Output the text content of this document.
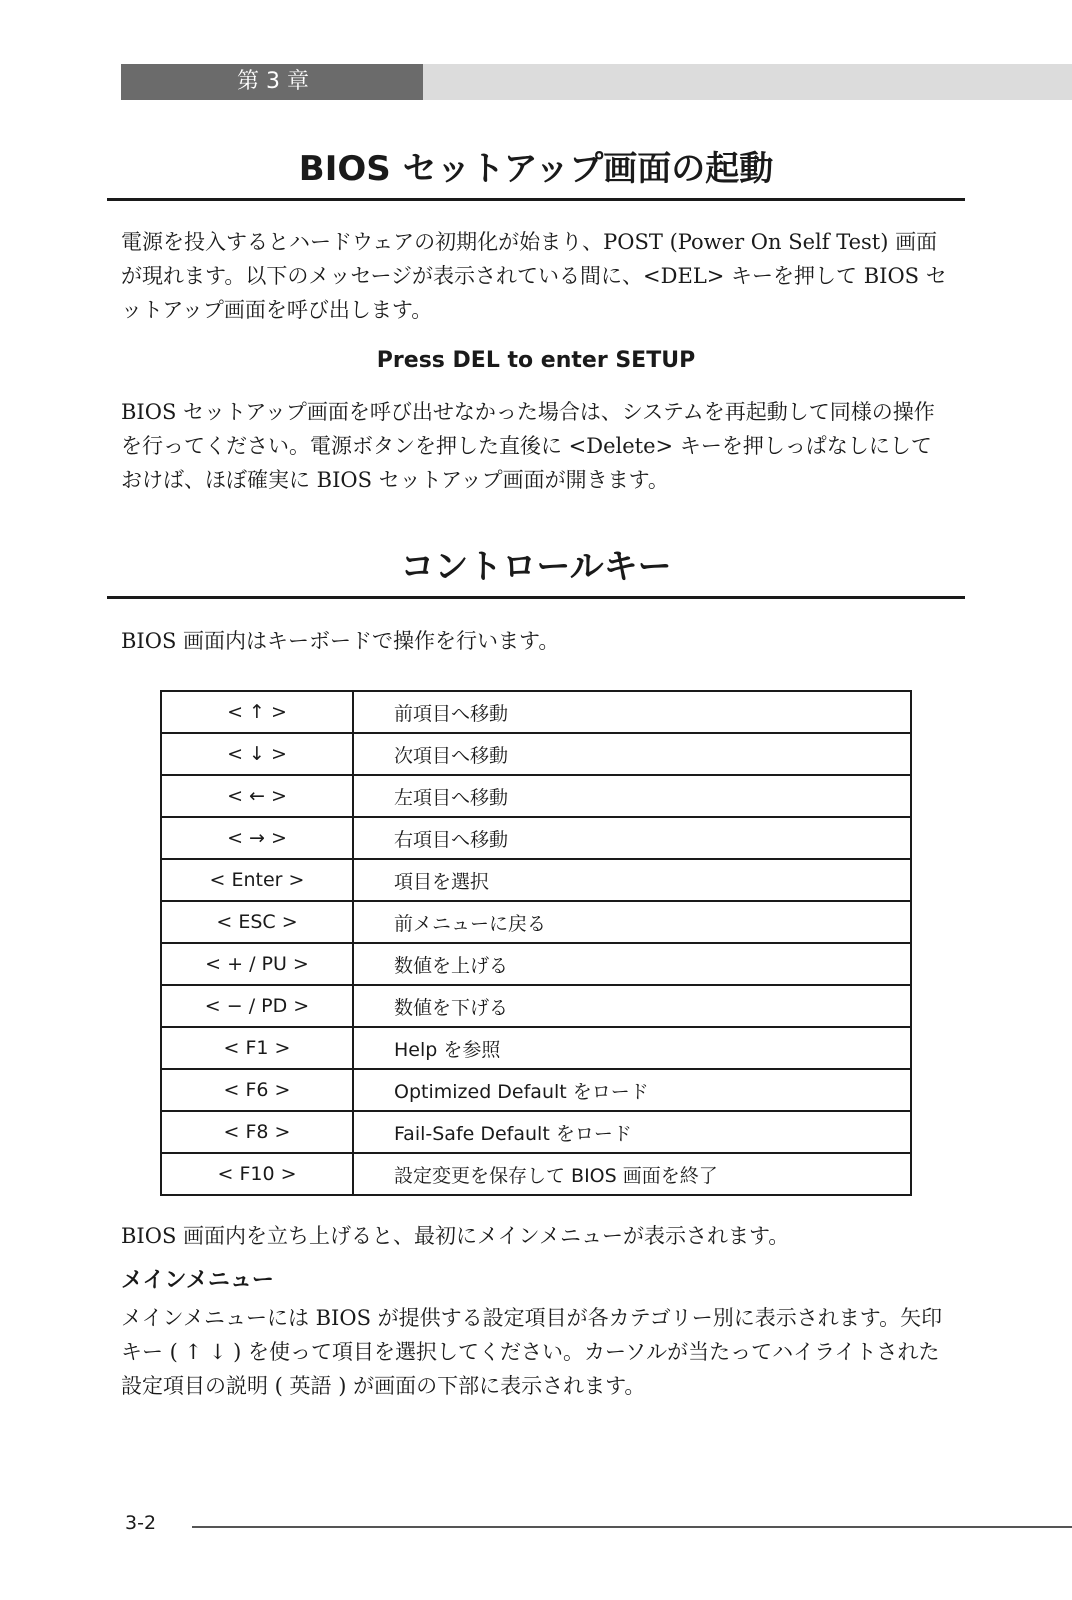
第 3 章
BIOS セットアップ画面の起動

電源を投入するとハードウェアの初期化が始まり、POST (Power On Self Test) 画面が現れます。以下のメッセージが表示されている間に、<DEL> キーを押して BIOS セットアップ画面を呼び出します。

Press DEL to enter SETUP

BIOS セットアップ画面を呼び出せなかった場合は、システムを再起動して同様の操作を行ってください。電源ボタンを押した直後に <Delete> キーを押しっぱなしにしておけば、ほぼ確実に BIOS セットアップ画面が開きます。

コントロールキー

BIOS 画面内はキーボードで操作を行います。

< ↑ >	前項目へ移動
< ↓ >	次項目へ移動
< ← >	左項目へ移動
< → >	右項目へ移動
< Enter >	項目を選択
< ESC >	前メニューに戻る
< + / PU >	数値を上げる
< − / PD >	数値を下げる
< F1 >	Help を参照
< F6 >	Optimized Default をロード
< F8 >	Fail-Safe Default をロード
< F10 >	設定変更を保存して BIOS 画面を終了

BIOS 画面内を立ち上げると、最初にメインメニューが表示されます。

メインメニュー

メインメニューには BIOS が提供する設定項目が各カテゴリー別に表示されます。矢印キー ( ↑ ↓ ) を使って項目を選択してください。カーソルが当たってハイライトされた設定項目の説明 ( 英語 ) が画面の下部に表示されます。

3-2
